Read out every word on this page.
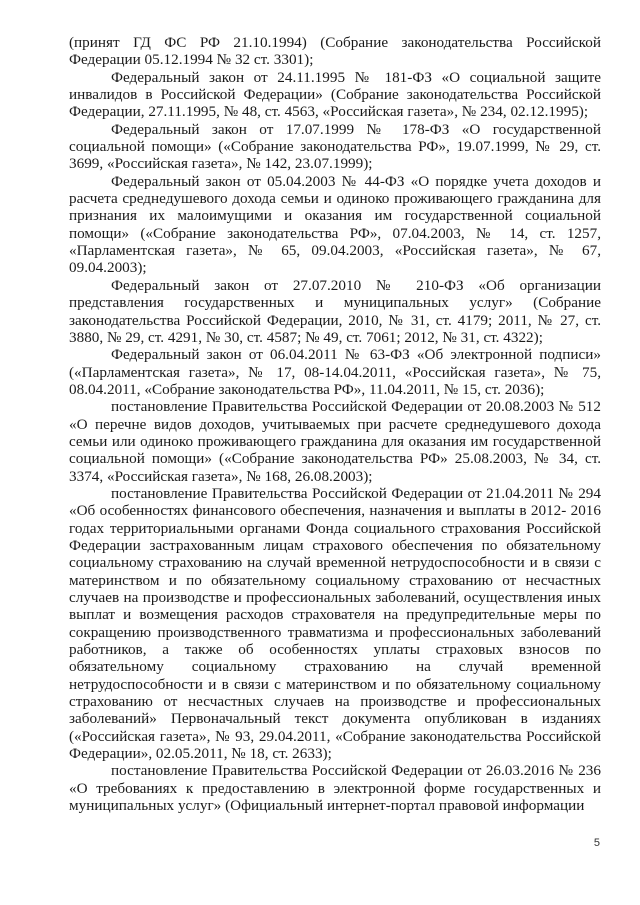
(принят ГД ФС РФ 21.10.1994) (Собрание законодательства Российской Федерации 05.12.1994 № 32 ст. 3301);

Федеральный закон от 24.11.1995 № 181-ФЗ «О социальной защите инвалидов в Российской Федерации» (Собрание законодательства Российской Федерации, 27.11.1995, № 48, ст. 4563, «Российская газета», № 234, 02.12.1995);

Федеральный закон от 17.07.1999 № 178-ФЗ «О государственной социальной помощи» («Собрание законодательства РФ», 19.07.1999, № 29, ст. 3699, «Российская газета», № 142, 23.07.1999);

Федеральный закон от 05.04.2003 № 44-ФЗ «О порядке учета доходов и расчета среднедушевого дохода семьи и одиноко проживающего гражданина для признания их малоимущими и оказания им государственной социальной помощи» («Собрание законодательства РФ», 07.04.2003, № 14, ст. 1257, «Парламентская газета», № 65, 09.04.2003, «Российская газета», № 67, 09.04.2003);

Федеральный закон от 27.07.2010 № 210-ФЗ «Об организации представления государственных и муниципальных услуг» (Собрание законодательства Российской Федерации, 2010, № 31, ст. 4179; 2011, № 27, ст. 3880, № 29, ст. 4291, № 30, ст. 4587; № 49, ст. 7061; 2012, № 31, ст. 4322);

Федеральный закон от 06.04.2011 № 63-ФЗ «Об электронной подписи» («Парламентская газета», № 17, 08-14.04.2011, «Российская газета», № 75, 08.04.2011, «Собрание законодательства РФ», 11.04.2011, № 15, ст. 2036);

постановление Правительства Российской Федерации от 20.08.2003 № 512 «О перечне видов доходов, учитываемых при расчете среднедушевого дохода семьи или одиноко проживающего гражданина для оказания им государственной социальной помощи» («Собрание законодательства РФ» 25.08.2003, № 34, ст. 3374, «Российская газета», № 168, 26.08.2003);

постановление Правительства Российской Федерации от 21.04.2011 № 294 «Об особенностях финансового обеспечения, назначения и выплаты в 2012- 2016 годах территориальными органами Фонда социального страхования Российской Федерации застрахованным лицам страхового обеспечения по обязательному социальному страхованию на случай временной нетрудоспособности и в связи с материнством и по обязательному социальному страхованию от несчастных случаев на производстве и профессиональных заболеваний, осуществления иных выплат и возмещения расходов страхователя на предупредительные меры по сокращению производственного травматизма и профессиональных заболеваний работников, а также об особенностях уплаты страховых взносов по обязательному социальному страхованию на случай временной нетрудоспособности и в связи с материнством и по обязательному социальному страхованию от несчастных случаев на производстве и профессиональных заболеваний» Первоначальный текст документа опубликован в изданиях («Российская газета», № 93, 29.04.2011, «Собрание законодательства Российской Федерации», 02.05.2011, № 18, ст. 2633);

постановление Правительства Российской Федерации от 26.03.2016 № 236 «О требованиях к предоставлению в электронной форме государственных и муниципальных услуг» (Официальный интернет-портал правовой информации

5
